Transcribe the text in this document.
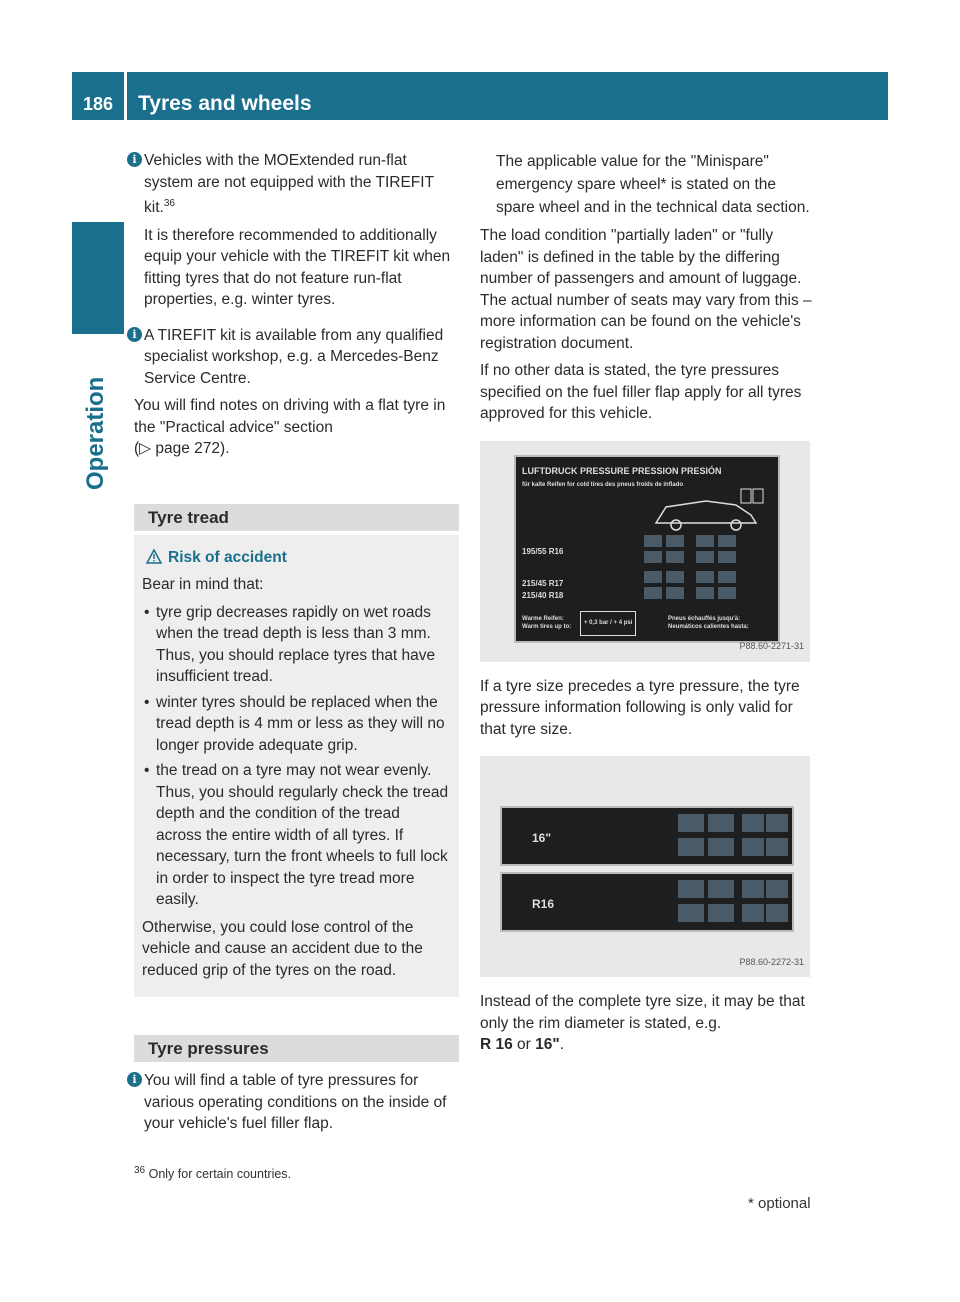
186	Tyres and wheels
Operation
i Vehicles with the MOExtended run-flat
system are not equipped with the TIREFIT
kit.$^{36}$

It is therefore recommended to additionally equip your vehicle with the TIREFIT kit when fitting tyres that do not feature run-flat properties, e.g. winter tyres.

i A TIREFIT kit is available from any qualified specialist workshop, e.g. a Mercedes-Benz Service Centre.

You will find notes on driving with a flat tyre in the "Practical advice" section
(▷ page 272).

Tyre tread
Risk of accident

Bear in mind that:

• tyre grip decreases rapidly on wet roads when the tread depth is less than 3 mm. Thus, you should replace tyres that have insufficient tread.
• winter tyres should be replaced when the tread depth is 4 mm or less as they will no longer provide adequate grip.
• the tread on a tyre may not wear evenly. Thus, you should regularly check the tread depth and the condition of the tread across the entire width of all tyres. If necessary, turn the front wheels to full lock in order to inspect the tyre tread more easily.

Otherwise, you could lose control of the vehicle and cause an accident due to the reduced grip of the tyres on the road.

Tyre pressures
i You will find a table of tyre pressures for various operating conditions on the inside of your vehicle's fuel filler flap.

The applicable value for the "Minispare" emergency spare wheel* is stated on the spare wheel and in the technical data section.

The load condition "partially laden" or "fully laden" is defined in the table by the differing number of passengers and amount of luggage. The actual number of seats may vary from this – more information can be found on the vehicle's registration document.

If no other data is stated, the tyre pressures specified on the fuel filler flap apply for all tyres approved for this vehicle.

LUFTDRUCK PRESSURE PRESSION PRESIÓN
für kalte Reifen for cold tires des pneus froids de inflado
195/55 R16
215/45 R17
215/40 R18
Warme Reifen:
Warm tires up to:
+ 0,3 bar / + 4 psi
Pneus échauffés jusqu'à:
Neumáticos calientes hasta:
P88.60-2271-31

If a tyre size precedes a tyre pressure, the tyre pressure information following is only valid for that tyre size.

16"
R16
P88.60-2272-31

Instead of the complete tyre size, it may be that only the rim diameter is stated, e.g.
R 16 or 16".

$^{36}$ Only for certain countries.
* optional
